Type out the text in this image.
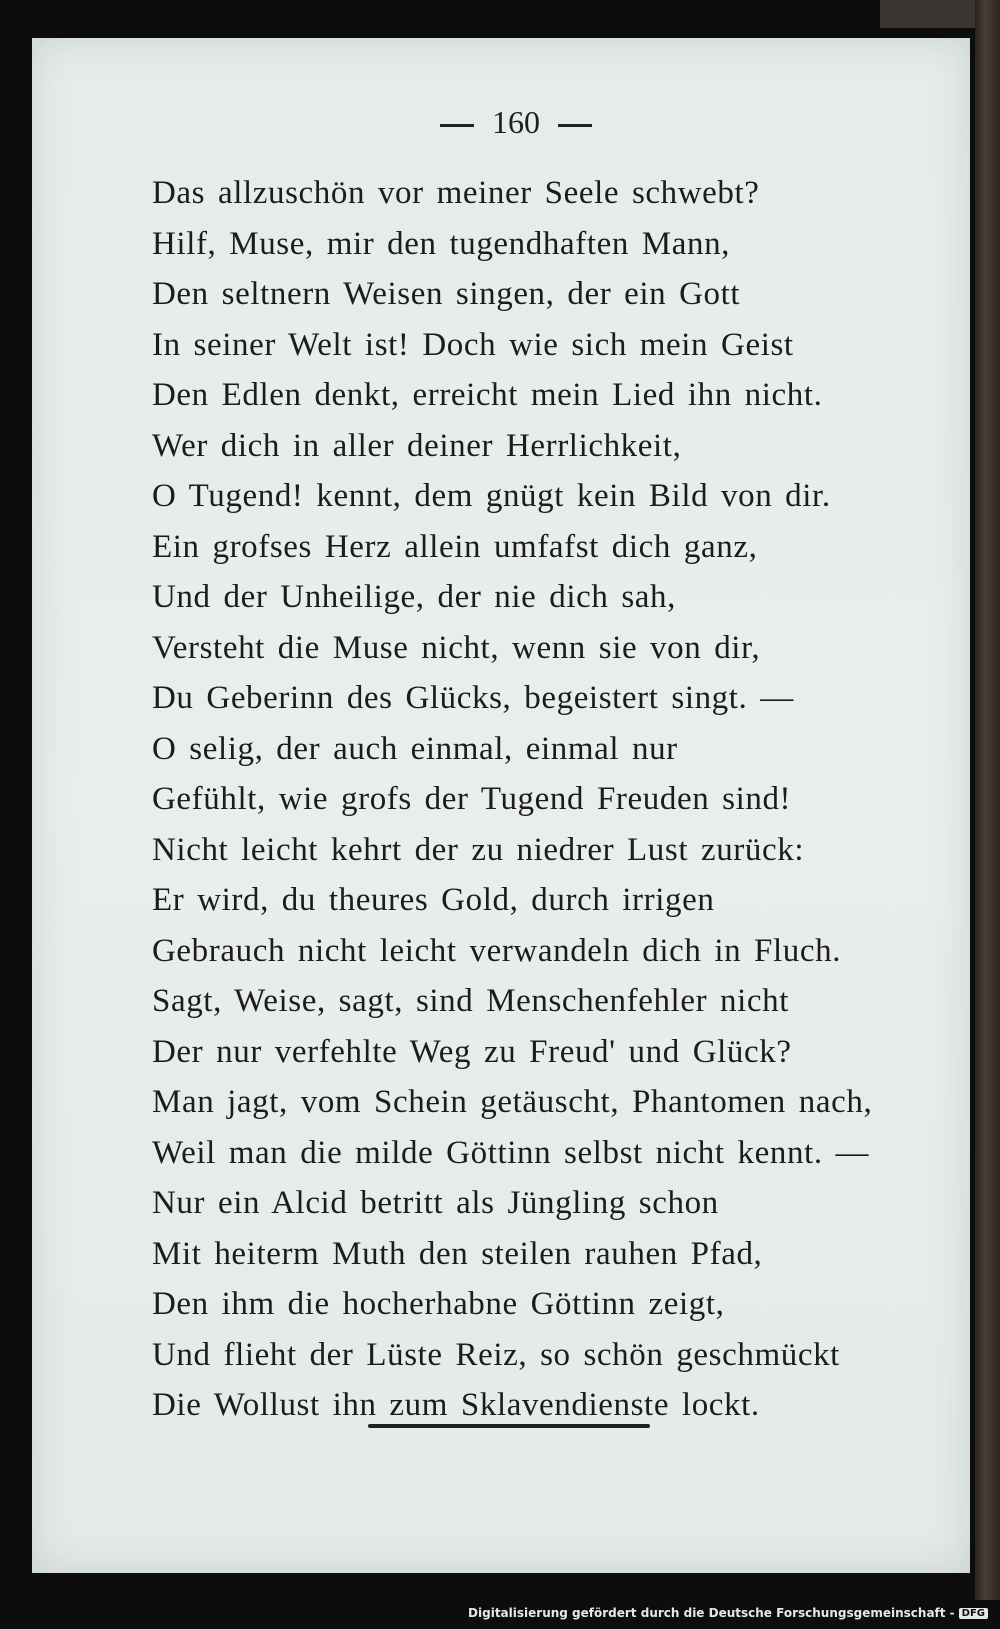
160
Das allzuschön vor meiner Seele schwebt?
Hilf, Muse, mir den tugendhaften Mann,
Den seltnern Weisen singen, der ein Gott
In seiner Welt ist! Doch wie sich mein Geist
Den Edlen denkt, erreicht mein Lied ihn nicht.
Wer dich in aller deiner Herrlichkeit,
O Tugend! kennt, dem gnügt kein Bild von dir.
Ein grofses Herz allein umfafst dich ganz,
Und der Unheilige, der nie dich sah,
Versteht die Muse nicht, wenn sie von dir,
Du Geberinn des Glücks, begeistert singt. —
O selig, der auch einmal, einmal nur
Gefühlt, wie grofs der Tugend Freuden sind!
Nicht leicht kehrt der zu niedrer Lust zurück:
Er wird, du theures Gold, durch irrigen
Gebrauch nicht leicht verwandeln dich in Fluch.
Sagt, Weise, sagt, sind Menschenfehler nicht
Der nur verfehlte Weg zu Freud' und Glück?
Man jagt, vom Schein getäuscht, Phantomen nach,
Weil man die milde Göttinn selbst nicht kennt. —
Nur ein Alcid betritt als Jüngling schon
Mit heiterm Muth den steilen rauhen Pfad,
Den ihm die hocherhabne Göttinn zeigt,
Und flieht der Lüste Reiz, so schön geschmückt
Die Wollust ihn zum Sklavendienste lockt.
Digitalisierung gefördert durch die Deutsche Forschungsgemeinschaft - DFG
